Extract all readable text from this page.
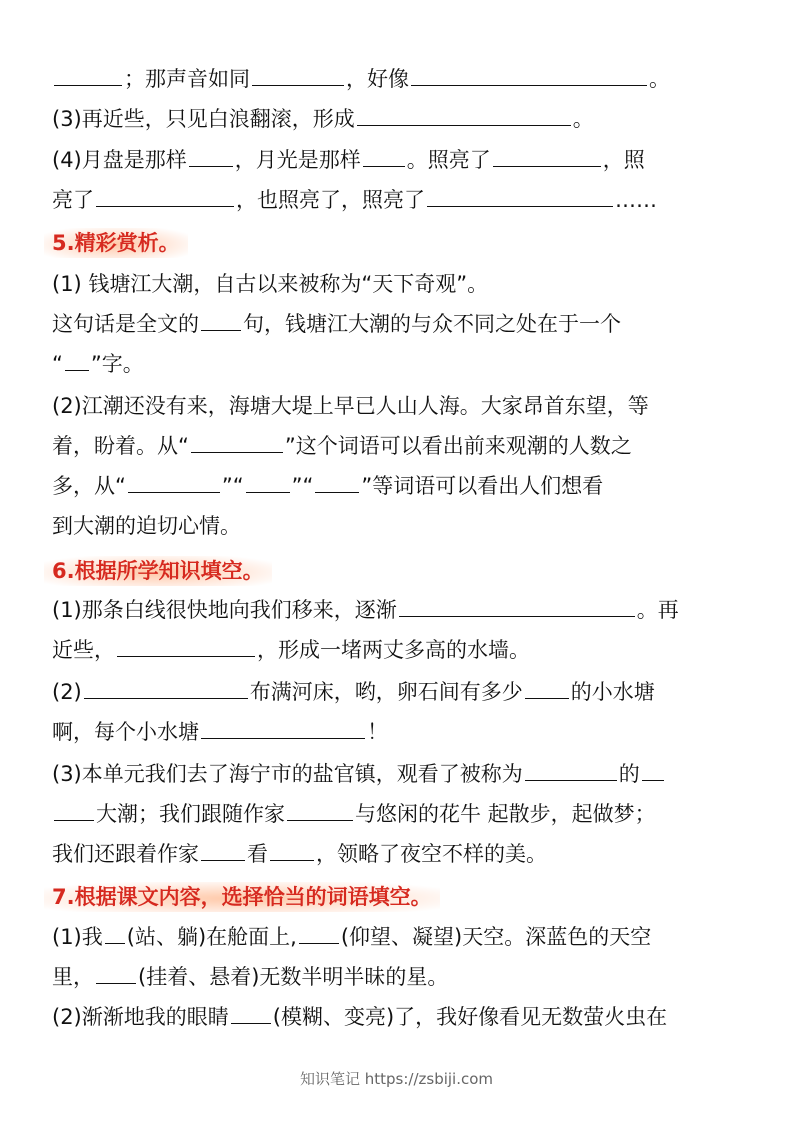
；那声音如同	，好像	。
(3)再近些，只见白浪翻滚，形成	。
(4)月盘是那样 ，月光是那样 。照亮了	，照
亮了	，也照亮了，照亮了	……
5.精彩赏析。
(1) 钱塘江大潮，自古以来被称为“天下奇观”。
这句话是全文的 句，钱塘江大潮的与众不同之处在于一个
“ ”字。
(2)江潮还没有来，海塘大堤上早已人山人海。大家昂首东望，等
着，盼着。从“	”这个词语可以看出前来观潮的人数之
多，从“	”“ ”“ ”等词语可以看出人们想看
到大潮的迫切心情。
6.根据所学知识填空。
(1)那条白线很快地向我们移来，逐渐	。再
近些，	，形成一堵两丈多高的水墙。
(2)	布满河床，哟，卵石间有多少 的小水塘
啊，每个小水塘	！
(3)本单元我们去了海宁市的盐官镇，观看了被称为	的
大潮；我们跟随作家	与悠闲的花牛 起散步，起做梦；
我们还跟着作家 看 ，领略了夜空不样的美。
7.根据课文内容，选择恰当的词语填空。
(1)我 (站、躺)在舱面上, (仰望、凝望)天空。深蓝色的天空
里， (挂着、悬着)无数半明半昧的星。
(2)渐渐地我的眼睛 (模糊、变亮)了，我好像看见无数萤火虫在
知识笔记 https://zsbiji.com
